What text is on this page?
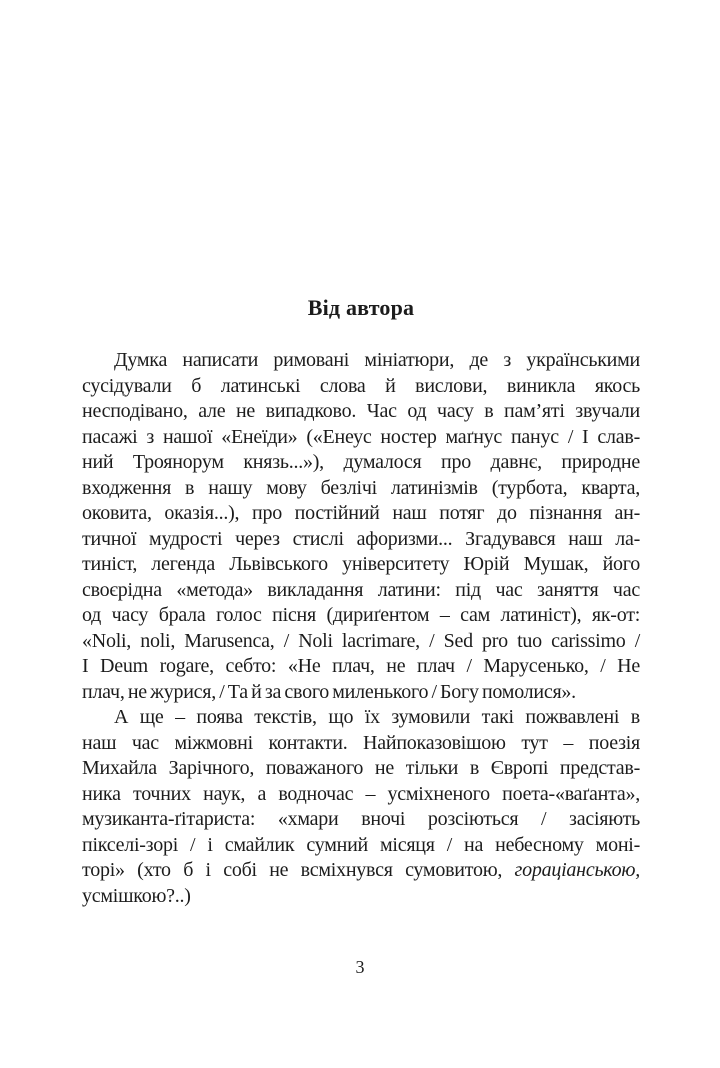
Від автора
Думка написати римовані мініатюри, де з українськими
сусідували б латинські слова й вислови, виникла якось
несподівано, але не випадково. Час од часу в пам’яті звучали
пасажі з нашої «Енеїди» («Енеус ностер маґнус панус / І слав-
ний Троянорум князь...»), думалося про давнє, природне
входження в нашу мову безлічі латинізмів (турбота, кварта,
оковита, оказія...), про постійний наш потяг до пізнання ан-
тичної мудрості через стислі афоризми... Згадувався наш ла-
тиніст, легенда Львівського університету Юрій Мушак, його
своєрідна «метода» викладання латини: під час заняття час
од часу брала голос пісня (дириґентом – сам латиніст), як-от:
«Noli, noli, Marusenca, / Noli lacrimare, / Sed pro tuo carissimo /
I Deum rogare, себто: «Не плач, не плач / Марусенько, / Не
плач, не журися, / Та й за свого миленького / Богу помолися».
А ще – поява текстів, що їх зумовили такі пожвавлені в
наш час міжмовні контакти. Найпоказовішою тут – поезія
Михайла Зарічного, поважаного не тільки в Європі представ-
ника точних наук, а водночас – усміхненого поета-«ваґанта»,
музиканта-ґітариста: «хмари вночі розсіються / засіяють
пікселі-зорі / і смайлик сумний місяця / на небесному моні-
торі» (хто б і собі не всміхнувся сумовитою, гораціанською,
усмішкою?..)
3
